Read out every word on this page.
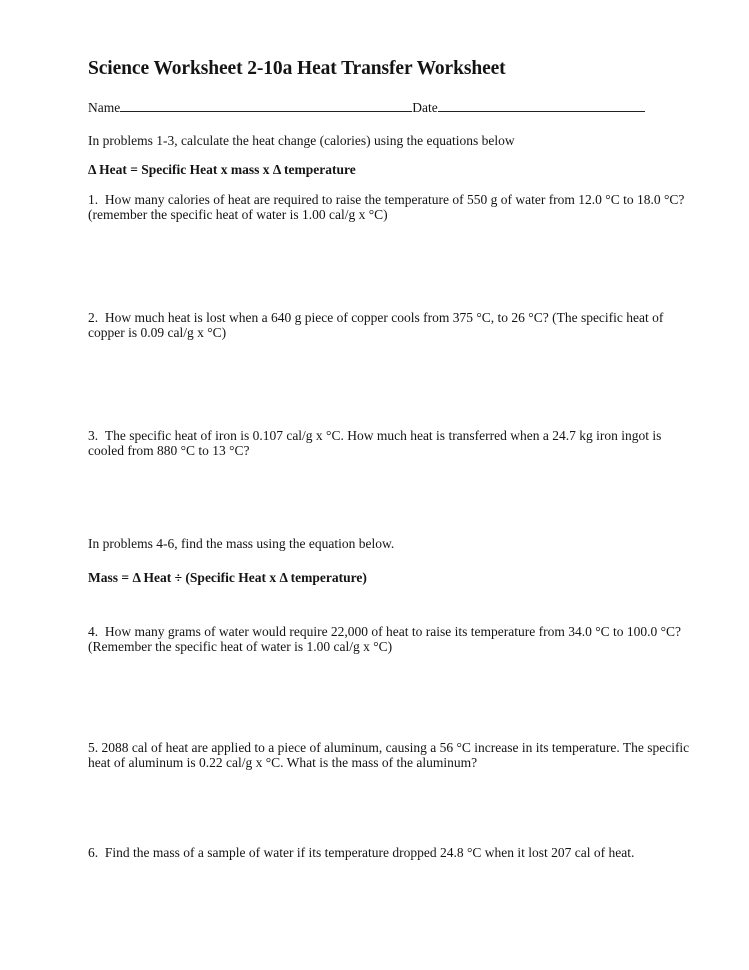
Science Worksheet 2-10a Heat Transfer Worksheet
Name	Date
In problems 1-3, calculate the heat change (calories) using the equations below
Δ Heat = Specific Heat x mass x Δ temperature
1. How many calories of heat are required to raise the temperature of 550 g of water from 12.0 °C to 18.0 °C? (remember the specific heat of water is 1.00 cal/g x °C)
2. How much heat is lost when a 640 g piece of copper cools from 375 °C, to 26 °C? (The specific heat of copper is 0.09 cal/g x °C)
3. The specific heat of iron is 0.107 cal/g x °C. How much heat is transferred when a 24.7 kg iron ingot is cooled from 880 °C to 13 °C?
In problems 4-6, find the mass using the equation below.
Mass = Δ Heat ÷ (Specific Heat x Δ temperature)
4. How many grams of water would require 22,000 of heat to raise its temperature from 34.0 °C to 100.0 °C? (Remember the specific heat of water is 1.00 cal/g x °C)
5. 2088 cal of heat are applied to a piece of aluminum, causing a 56 °C increase in its temperature. The specific heat of aluminum is 0.22 cal/g x °C. What is the mass of the aluminum?
6. Find the mass of a sample of water if its temperature dropped 24.8 °C when it lost 207 cal of heat.
